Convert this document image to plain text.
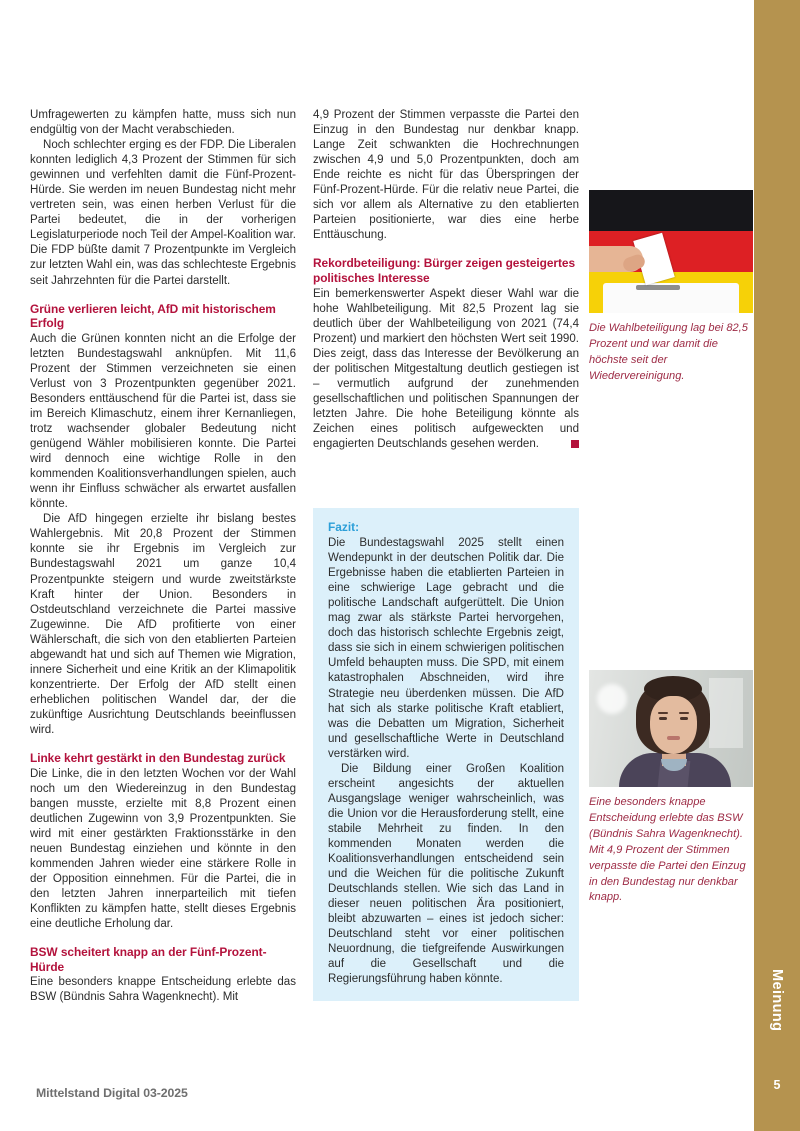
Meinung
5

Umfragewerten zu kämpfen hatte, muss sich nun endgültig von der Macht verabschieden.

Noch schlechter erging es der FDP. Die Liberalen konnten lediglich 4,3 Prozent der Stimmen für sich gewinnen und verfehlten damit die Fünf-Prozent-Hürde. Sie werden im neuen Bundestag nicht mehr vertreten sein, was einen herben Verlust für die Partei bedeutet, die in der vorherigen Legislaturperiode noch Teil der Ampel-Koalition war. Die FDP büßte damit 7 Prozentpunkte im Vergleich zur letzten Wahl ein, was das schlechteste Ergebnis seit Jahrzehnten für die Partei darstellt.

Grüne verlieren leicht, AfD mit historischem Erfolg

Auch die Grünen konnten nicht an die Erfolge der letzten Bundestagswahl anknüpfen. Mit 11,6 Prozent der Stimmen verzeichneten sie einen Verlust von 3 Prozentpunkten gegenüber 2021. Besonders enttäuschend für die Partei ist, dass sie im Bereich Klimaschutz, einem ihrer Kernanliegen, trotz wachsender globaler Bedeutung nicht genügend Wähler mobilisieren konnte. Die Partei wird dennoch eine wichtige Rolle in den kommenden Koalitionsverhandlungen spielen, auch wenn ihr Einfluss schwächer als erwartet ausfallen könnte.

Die AfD hingegen erzielte ihr bislang bestes Wahlergebnis. Mit 20,8 Prozent der Stimmen konnte sie ihr Ergebnis im Vergleich zur Bundestagswahl 2021 um ganze 10,4 Prozentpunkte steigern und wurde zweitstärkste Kraft hinter der Union. Besonders in Ostdeutschland verzeichnete die Partei massive Zugewinne. Die AfD profitierte von einer Wählerschaft, die sich von den etablierten Parteien abgewandt hat und sich auf Themen wie Migration, innere Sicherheit und eine Kritik an der Klimapolitik konzentrierte. Der Erfolg der AfD stellt einen erheblichen politischen Wandel dar, der die zukünftige Ausrichtung Deutschlands beeinflussen wird.

Linke kehrt gestärkt in den Bundestag zurück

Die Linke, die in den letzten Wochen vor der Wahl noch um den Wiedereinzug in den Bundestag bangen musste, erzielte mit 8,8 Prozent einen deutlichen Zugewinn von 3,9 Prozentpunkten. Sie wird mit einer gestärkten Fraktionsstärke in den neuen Bundestag einziehen und könnte in den kommenden Jahren wieder eine stärkere Rolle in der Opposition einnehmen. Für die Partei, die in den letzten Jahren innerparteilich mit tiefen Konflikten zu kämpfen hatte, stellt dieses Ergebnis eine deutliche Erholung dar.

BSW scheitert knapp an der Fünf-Prozent-Hürde

Eine besonders knappe Entscheidung erlebte das BSW (Bündnis Sahra Wagenknecht). Mit

4,9 Prozent der Stimmen verpasste die Partei den Einzug in den Bundestag nur denkbar knapp. Lange Zeit schwankten die Hochrechnungen zwischen 4,9 und 5,0 Prozentpunkten, doch am Ende reichte es nicht für das Überspringen der Fünf-Prozent-Hürde. Für die relativ neue Partei, die sich vor allem als Alternative zu den etablierten Parteien positionierte, war dies eine herbe Enttäuschung.

Rekordbeteiligung: Bürger zeigen gesteigertes politisches Interesse

Ein bemerkenswerter Aspekt dieser Wahl war die hohe Wahlbeteiligung. Mit 82,5 Prozent lag sie deutlich über der Wahlbeteiligung von 2021 (74,4 Prozent) und markiert den höchsten Wert seit 1990. Dies zeigt, dass das Interesse der Bevölkerung an der politischen Mitgestaltung deutlich gestiegen ist – vermutlich aufgrund der zunehmenden gesellschaftlichen und politischen Spannungen der letzten Jahre. Die hohe Beteiligung könnte als Zeichen eines politisch aufgeweckten und engagierten Deutschlands gesehen werden.

Fazit:

Die Bundestagswahl 2025 stellt einen Wendepunkt in der deutschen Politik dar. Die Ergebnisse haben die etablierten Parteien in eine schwierige Lage gebracht und die politische Landschaft aufgerüttelt. Die Union mag zwar als stärkste Partei hervorgehen, doch das historisch schlechte Ergebnis zeigt, dass sie sich in einem schwierigen politischen Umfeld behaupten muss. Die SPD, mit einem katastrophalen Abschneiden, wird ihre Strategie neu überdenken müssen. Die AfD hat sich als starke politische Kraft etabliert, was die Debatten um Migration, Sicherheit und gesellschaftliche Werte in Deutschland verstärken wird.

Die Bildung einer Großen Koalition erscheint angesichts der aktuellen Ausgangslage weniger wahrscheinlich, was die Union vor die Herausforderung stellt, eine stabile Mehrheit zu finden. In den kommenden Monaten werden die Koalitionsverhandlungen entscheidend sein und die Weichen für die politische Zukunft Deutschlands stellen. Wie sich das Land in dieser neuen politischen Ära positioniert, bleibt abzuwarten – eines ist jedoch sicher: Deutschland steht vor einer politischen Neuordnung, die tiefgreifende Auswirkungen auf die Gesellschaft und die Regierungsführung haben könnte.

Die Wahlbeteiligung lag bei 82,5 Prozent und war damit die höchste seit der Wiedervereinigung.
Eine besonders knappe Entscheidung erlebte das BSW (Bündnis Sahra Wagenknecht). Mit 4,9 Prozent der Stimmen verpasste die Partei den Einzug in den Bundestag nur denkbar knapp.
Mittelstand Digital 03-2025
